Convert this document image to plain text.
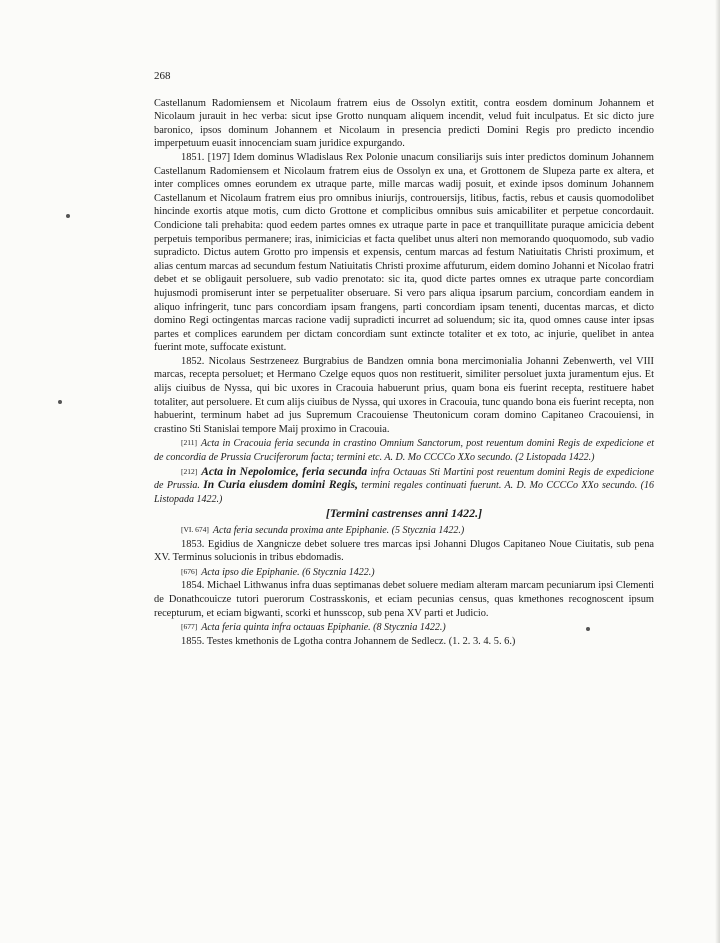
268

Castellanum Radomiensem et Nicolaum fratrem eius de Ossolyn extitit, contra eosdem dominum Johannem et Nicolaum jurauit in hec verba: sicut ipse Grotto nunquam aliquem incendit, velud fuit inculpatus. Et sic dicto jure baronico, ipsos dominum Johannem et Nicolaum in presencia predicti Domini Regis pro predicto incendio imperpetuum euasit innocenciam suam juridice expurgando.

1851. [197] Idem dominus Wladislaus Rex Polonie unacum consiliarijs suis inter predictos dominum Johannem Castellanum Radomiensem et Nicolaum fratrem eius de Ossolyn ex una, et Grottonem de Slupeza parte ex altera, et inter complices omnes eorundem ex utraque parte, mille marcas wadij posuit, et exinde ipsos dominum Johannem Castellanum et Nicolaum fratrem eius pro omnibus iniurijs, controuersijs, litibus, factis, rebus et causis quomodolibet hincinde exortis atque motis, cum dicto Grottone et complicibus omnibus suis amicabiliter et perpetue concordauit. Condicione tali prehabita: quod eedem partes omnes ex utraque parte in pace et tranquillitate puraque amicicia debent perpetuis temporibus permanere; iras, inimicicias et facta quelibet unus alteri non memorando quoquomodo, sub vadio supradicto. Dictus autem Grotto pro impensis et expensis, centum marcas ad festum Natiuitatis Christi proximum, et alias centum marcas ad secundum festum Natiuitatis Christi proxime affuturum, eidem domino Johanni et Nicolao fratri debet et se obligauit persoluere, sub vadio prenotato: sic ita, quod dicte partes omnes ex utraque parte concordiam hujusmodi promiserunt inter se perpetualiter obseruare. Si vero pars aliqua ipsarum parcium, concordiam eandem in aliquo infringerit, tunc pars concordiam ipsam frangens, parti concordiam ipsam tenenti, ducentas marcas, et dicto domino Regi octingentas marcas racione vadij supradicti incurret ad soluendum; sic ita, quod omnes cause inter ipsas partes et complices earundem per dictam concordiam sunt extincte totaliter et ex toto, ac injurie, quelibet in antea fuerint mote, suffocate existunt.

1852. Nicolaus Sestrzeneez Burgrabius de Bandzen omnia bona mercimonialia Johanni Zebenwerth, vel VIII marcas, recepta persoluet; et Hermano Czelge equos quos non restituerit, similiter persoluet juxta juramentum ejus. Et alijs ciuibus de Nyssa, qui bic uxores in Cracouia habuerunt prius, quam bona eis fuerint recepta, restituere habet totaliter, aut persoluere. Et cum alijs ciuibus de Nyssa, qui uxores in Cracouia, tunc quando bona eis fuerint recepta, non habuerint, terminum habet ad jus Supremum Cracouiense Theutonicum coram domino Capitaneo Cracouiensi, in crastino Sti Stanislai tempore Maij proximo in Cracouia.

[211] Acta in Cracouia feria secunda in crastino Omnium Sanctorum, post reuentum domini Regis de expedicione et de concordia de Prussia Cruciferorum facta; termini etc. A. D. Mo CCCCo XXo secundo. (2 Listopada 1422.)

[212] Acta in Nepolomice, feria secunda infra Octauas Sti Martini post reuentum domini Regis de expedicione de Prussia. In Curia eiusdem domini Regis, termini regales continuati fuerunt. A. D. Mo CCCCo XXo secundo. (16 Listopada 1422.)

[Termini castrenses anni 1422.]

[VI. 674] Acta feria secunda proxima ante Epiphanie. (5 Stycznia 1422.)

1853. Egidius de Xangnicze debet soluere tres marcas ipsi Johanni Dlugos Capitaneo Noue Ciuitatis, sub pena XV. Terminus solucionis in tribus ebdomadis.

[676] Acta ipso die Epiphanie. (6 Stycznia 1422.)

1854. Michael Lithwanus infra duas septimanas debet soluere mediam alteram marcam pecuniarum ipsi Clementi de Donathcouicze tutori puerorum Costrasskonis, et eciam pecunias census, quas kmethones recognoscent ipsum recepturum, et eciam bigwanti, scorki et hunsscop, sub pena XV parti et Judicio.

[677] Acta feria quinta infra octauas Epiphanie. (8 Stycznia 1422.)

1855. Testes kmethonis de Lgotha contra Johannem de Sedlecz. (1. 2. 3. 4. 5. 6.)
